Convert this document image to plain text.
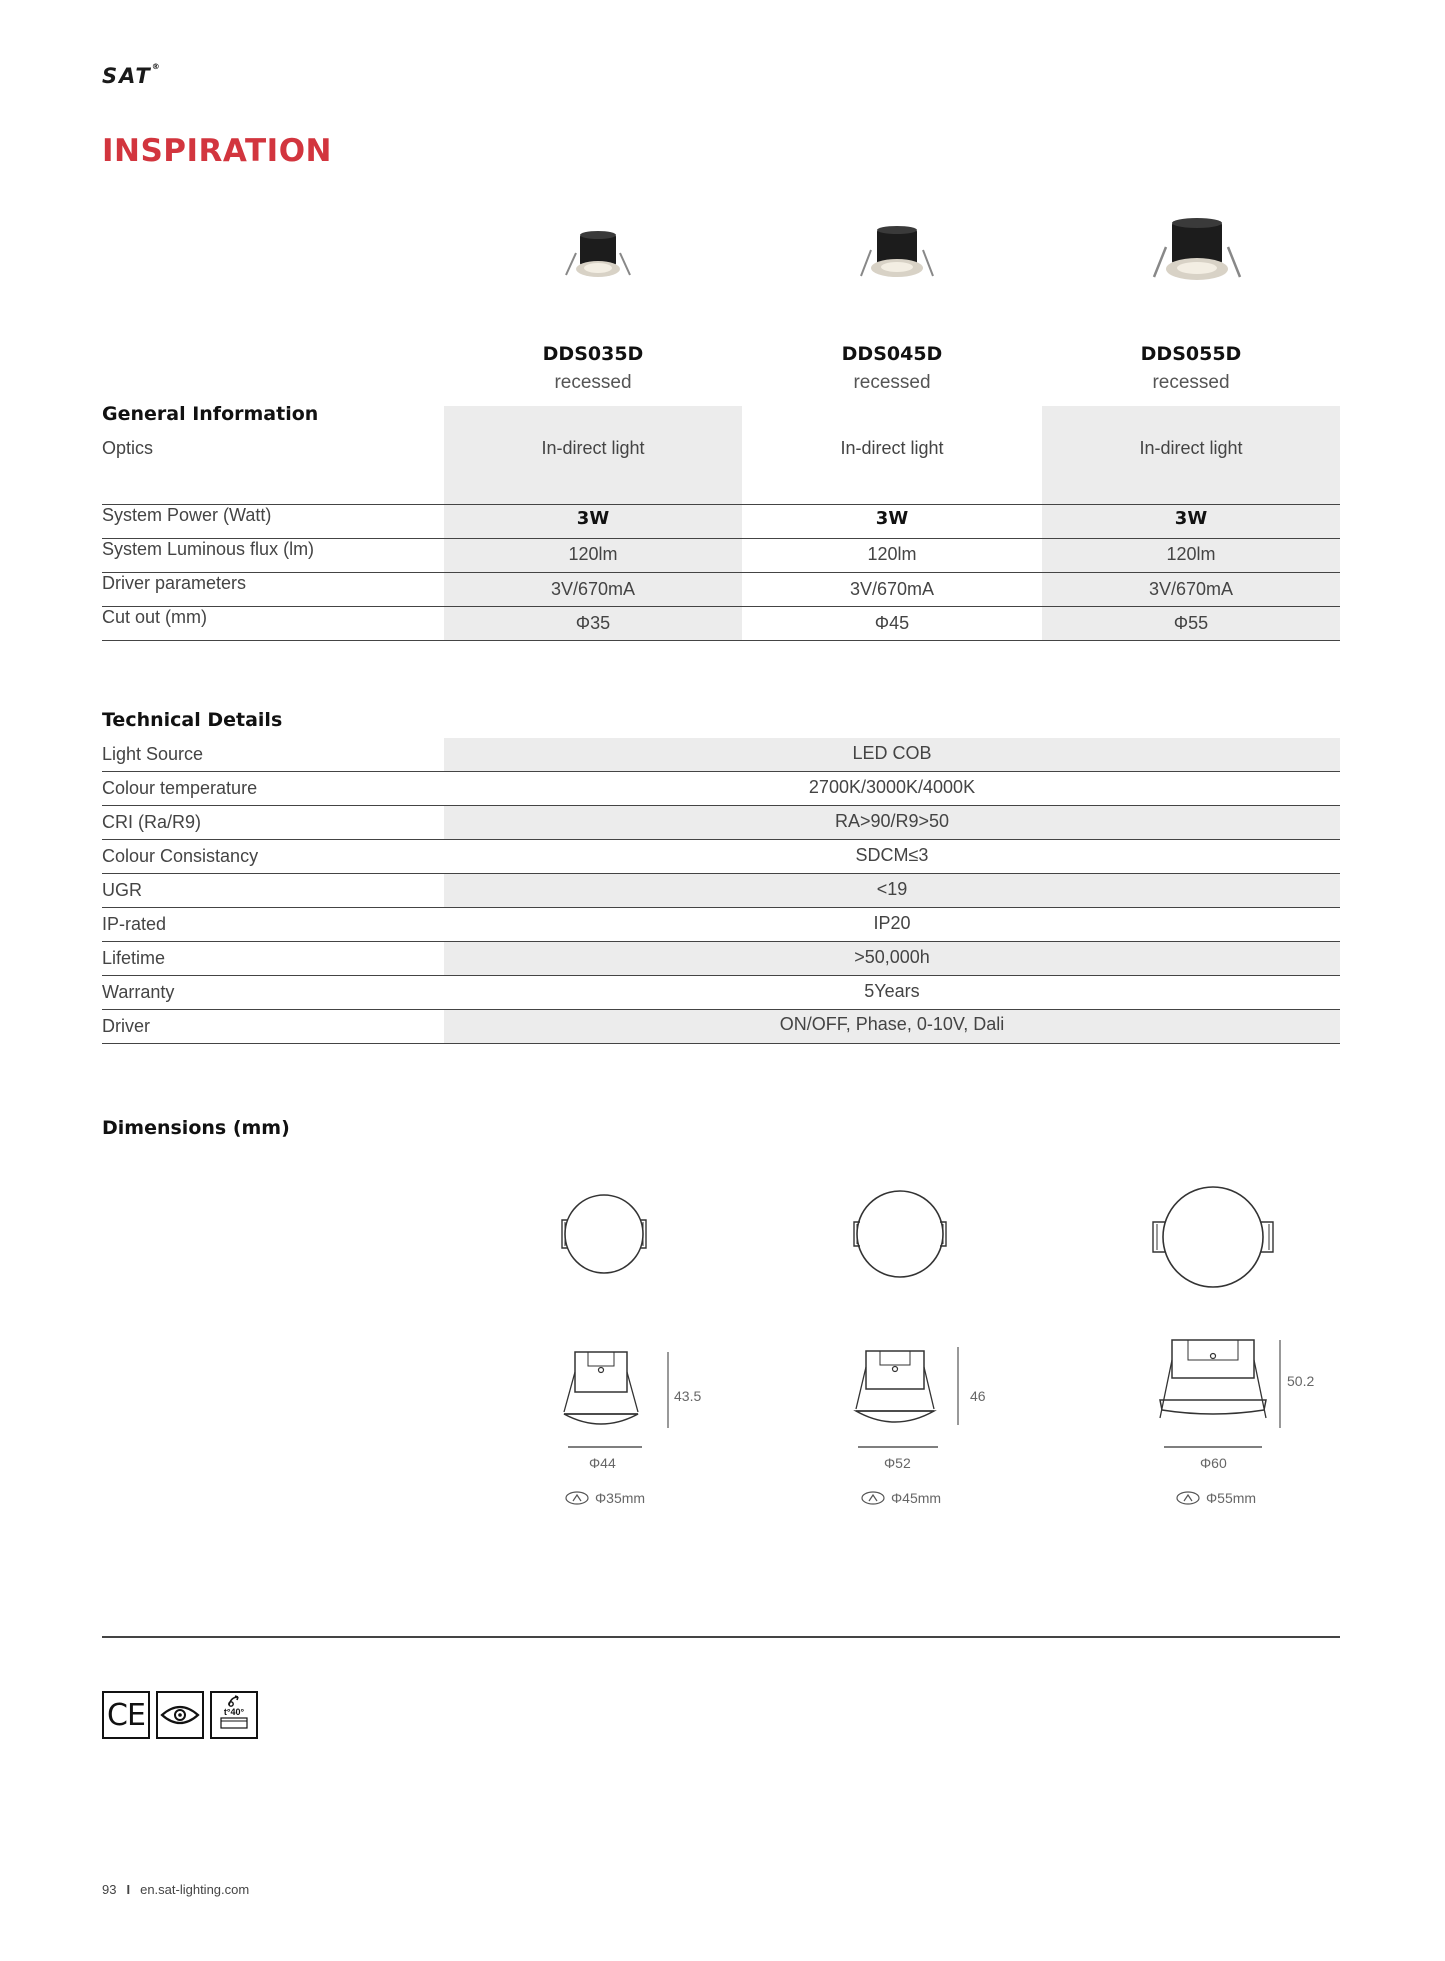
SAT®
INSPIRATION
DDS035D
recessed
DDS045D
recessed
DDS055D
recessed
General Information
Optics	In-direct light	In-direct light	In-direct light
System Power (Watt)	3W	3W	3W
System Luminous flux (lm)	120lm	120lm	120lm
Driver parameters	3V/670mA	3V/670mA	3V/670mA
Cut out (mm)	Φ35	Φ45	Φ55
Technical Details
Light Source	LED COB
Colour temperature	2700K/3000K/4000K
CRI (Ra/R9)	RA>90/R9>50
Colour Consistancy	SDCM≤3
UGR	<19
IP-rated	IP20
Lifetime	>50,000h
Warranty	5Years
Driver	ON/OFF, Phase, 0-10V, Dali
Dimensions (mm)
43.5
Φ44
46
Φ52
50.2
Φ60
Φ35mm	Φ45mm	Φ55mm
CE	t°40°
93 I en.sat-lighting.com
